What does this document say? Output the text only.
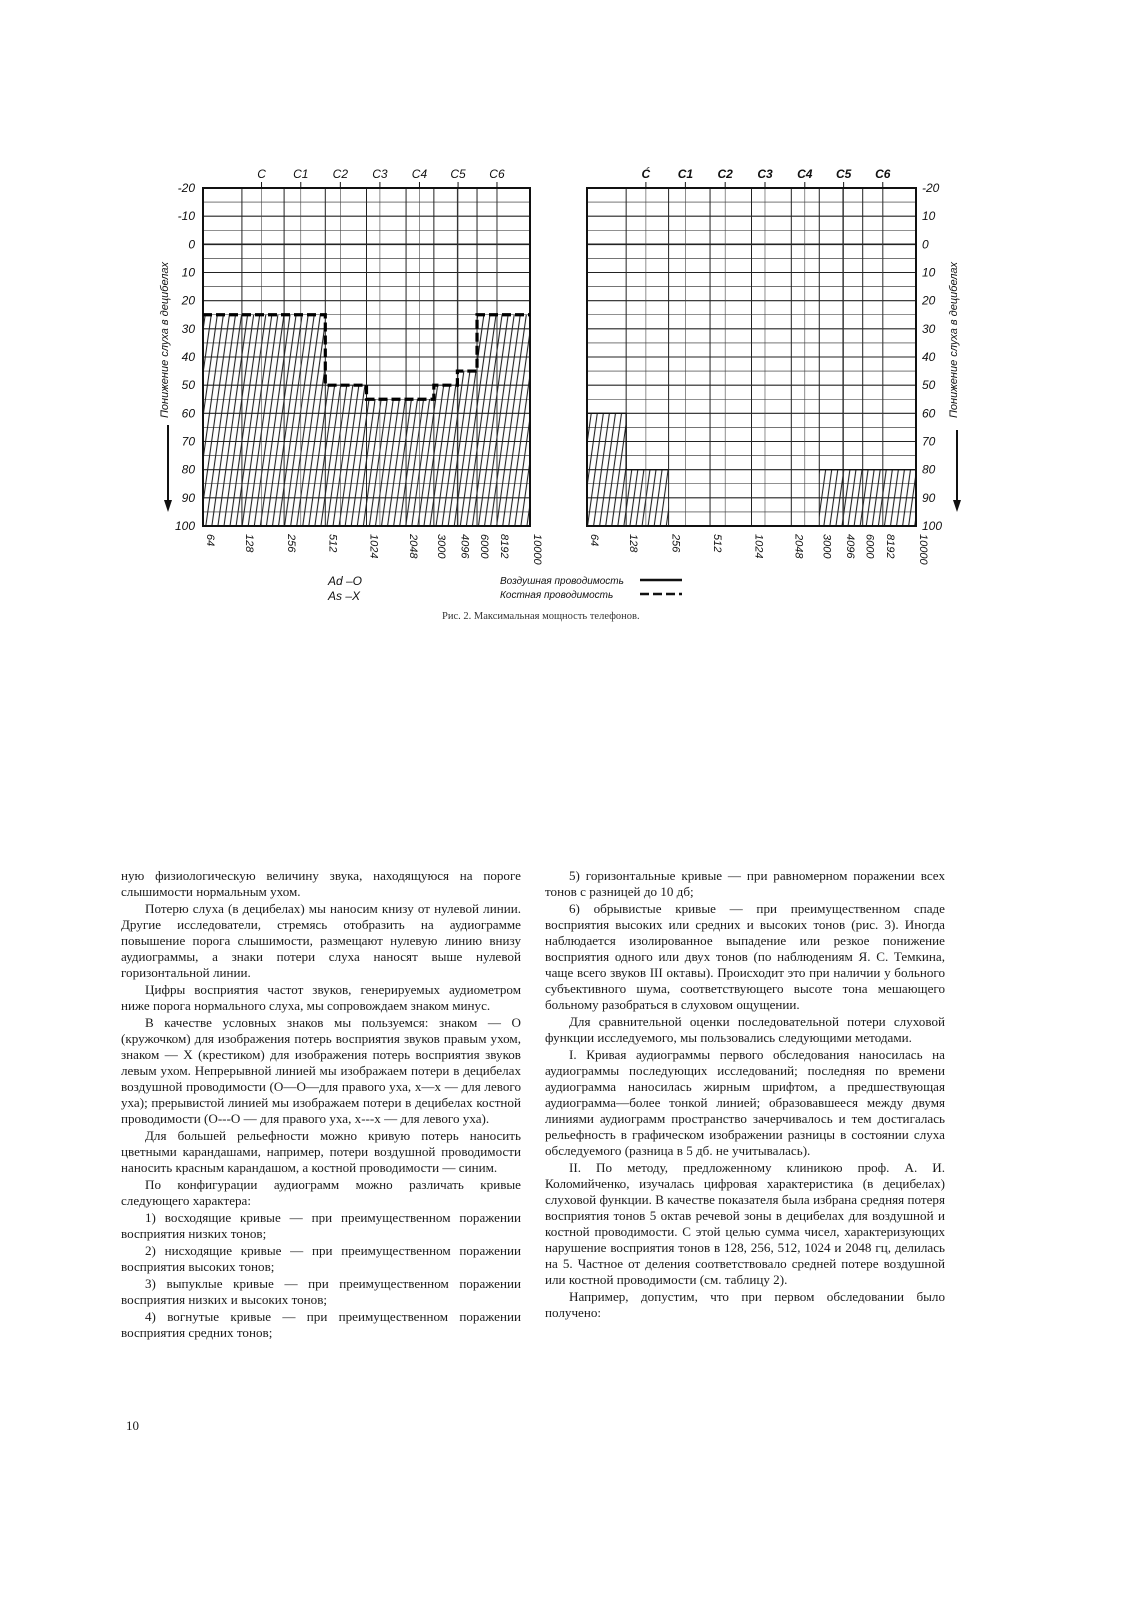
C C1 C2 C3 C4 C5 C6
-20
-10
0
10
20
30
40
50
60
70
80
90
100
64 128	256	512	1024	2048 3000 4096 6000 8192 10000
Понижение слуха в децибелах
Ć C1 C2 C3 C4 C5 C6
-20
10
0
10
20
30
40
50
60
70
80
90
100
64 128	256	512	1024	2048 3000 4096 6000 8192 10000
Понижение слуха в децибелах
Ad –O
As –X
Воздушная проводимость
Костная проводимость
Рис. 2. Максимальная мощность телефонов.

ную физиологическую величину звука, находящуюся на пороге слышимости нормальным ухом.

Потерю слуха (в децибелах) мы наносим книзу от нулевой линии. Другие исследователи, стремясь отобразить на аудиограмме повышение порога слышимости, размещают нулевую линию внизу аудиограммы, а знаки потери слуха наносят выше нулевой горизонтальной линии.

Цифры восприятия частот звуков, генерируемых аудиометром ниже порога нормального слуха, мы сопровождаем знаком минус.

В качестве условных знаков мы пользуемся: знаком — О (кружочком) для изображения потерь восприятия звуков правым ухом, знаком — X (крестиком) для изображения потерь восприятия звуков левым ухом. Непрерывной линией мы изображаем потери в децибелах воздушной проводимости (О—О—для правого уха, х—х — для левого уха); прерывистой линией мы изображаем потери в децибелах костной проводимости (О---О — для правого уха, х---х — для левого уха).

Для большей рельефности можно кривую потерь наносить цветными карандашами, например, потери воздушной проводимости наносить красным карандашом, а костной проводимости — синим.

По конфигурации аудиограмм можно различать кривые следующего характера:

1) восходящие кривые — при преимущественном поражении восприятия низких тонов;

2) нисходящие кривые — при преимущественном поражении восприятия высоких тонов;

3) выпуклые кривые — при преимущественном поражении восприятия низких и высоких тонов;

4) вогнутые кривые — при преимущественном поражении восприятия средних тонов;

5) горизонтальные кривые — при равномерном поражении всех тонов с разницей до 10 дб;

6) обрывистые кривые — при преимущественном спаде восприятия высоких или средних и высоких тонов (рис. 3). Иногда наблюдается изолированное выпадение или резкое понижение восприятия одного или двух тонов (по наблюдениям Я. С. Темкина, чаще всего звуков III октавы). Происходит это при наличии у больного субъективного шума, соответствующего высоте тона мешающего больному разобраться в слуховом ощущении.

Для сравнительной оценки последовательной потери слуховой функции исследуемого, мы пользовались следующими методами.

I. Кривая аудиограммы первого обследования наносилась на аудиограммы последующих исследований; последняя по времени аудиограмма наносилась жирным шрифтом, а предшествующая аудиограмма—более тонкой линией; образовавшееся между двумя линиями аудиограмм пространство зачерчивалось и тем достигалась рельефность в графическом изображении разницы в состоянии слуха обследуемого (разница в 5 дб. не учитывалась).

II. По методу, предложенному клиникою проф. А. И. Коломийченко, изучалась цифровая характеристика (в децибелах) слуховой функции. В качестве показателя была избрана средняя потеря восприятия тонов 5 октав речевой зоны в децибелах для воздушной и костной проводимости. С этой целью сумма чисел, характеризующих нарушение восприятия тонов в 128, 256, 512, 1024 и 2048 гц, делилась на 5. Частное от деления соответствовало средней потере воздушной или костной проводимости (см. таблицу 2).

Например, допустим, что при первом обследовании было получено:

10
